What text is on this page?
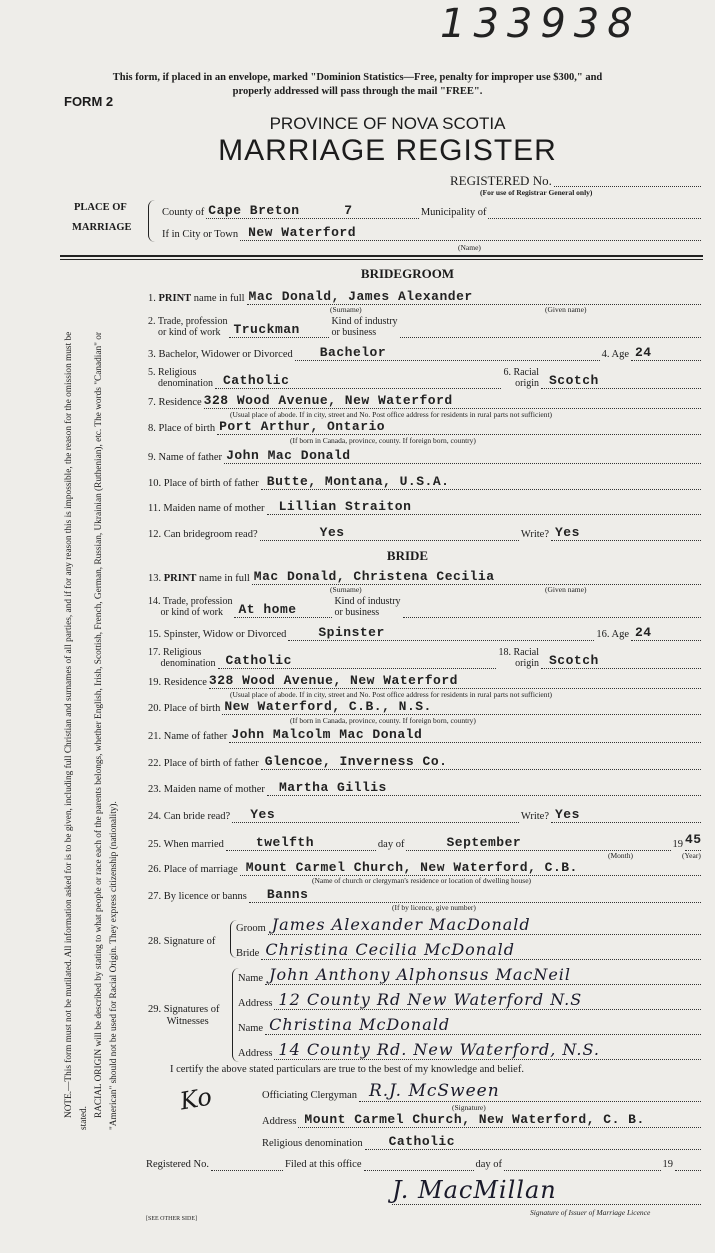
133938
This form, if placed in an envelope, marked "Dominion Statistics—Free, penalty for improper use $300," and
properly addressed will pass through the mail "FREE".
FORM 2
PROVINCE OF NOVA SCOTIA
MARRIAGE REGISTER
REGISTERED No.
(For use of Registrar General only)
PLACE OF
MARRIAGE
County of Cape Breton	7	Municipality of
If in City or Town New Waterford
(Name)
NOTE.—This form must not be mutilated. All information asked for is to be given, including full Christian and surnames of all parties, and if for any reason this is impossible, the reason for the omission must be stated. RACIAL ORIGIN will be described by stating to what people or race each of the parents belongs, whether English, Irish, Scottish, French, German, Russian, Ukrainian (Ruthenian), etc. The words "Canadian" or "American" should not be used for Racial Origin. They express citizenship (nationality).
BRIDEGROOM
1. PRINT name in full Mac Donald, James Alexander
(Surname)	(Given name)
2. Trade, profession
or kind of work Truckman
Kind of industry
or business
3. Bachelor, Widower or Divorced Bachelor	4. Age 24
5. Religious
denomination Catholic
6. Racial
origin Scotch
7. Residence 328 Wood Avenue, New Waterford
(Usual place of abode. If in city, street and No. Post office address for residents in rural parts not sufficient)
8. Place of birth Port Arthur, Ontario
(If born in Canada, province, county. If foreign born, country)
9. Name of father John Mac Donald
10. Place of birth of father Butte, Montana, U.S.A.
11. Maiden name of mother Lillian Straiton
12. Can bridegroom read?	Yes	Write? Yes
BRIDE
13. PRINT name in full Mac Donald, Christena Cecilia
(Surname)	(Given name)
14. Trade, profession
or kind of work	At home
Kind of industry
or business
15. Spinster, Widow or Divorced Spinster	16. Age 24
17. Religious
denomination Catholic
18. Racial
origin Scotch
19. Residence 328 Wood Avenue, New Waterford
(Usual place of abode. If in city, street and No. Post office address for residents in rural parts not sufficient)
20. Place of birth New Waterford, C.B., N.S.
(If born in Canada, province, county. If foreign born, country)
21. Name of father John Malcolm Mac Donald
22. Place of birth of father Glencoe, Inverness Co.
23. Maiden name of mother Martha Gillis
24. Can bride read? Yes	Write? Yes
25. When married twelfth	day of	September	19 45
(Month)	(Year)
26. Place of marriage Mount Carmel Church, New Waterford, C.B.
(Name of church or clergyman's residence or location of dwelling house)
27. By licence or banns Banns
(If by licence, give number)
28. Signature of
Groom James Alexander MacDonald
Bride Christina Cecilia McDonald
29. Signatures of
Witnesses
Name John Anthony Alphonsus MacNeil
Address 12 County Rd New Waterford N.S
Name Christina McDonald
Address 14 County Rd. New Waterford, N.S.
I certify the above stated particulars are true to the best of my knowledge and belief.
Ko	Officiating Clergyman R.J. McSween
(Signature)
Address Mount Carmel Church, New Waterford, C. B.
Religious denomination Catholic
Registered No.	Filed at this office	day of	19
J. MacMillan
Signature of Issuer of Marriage Licence
[SEE OTHER SIDE]
